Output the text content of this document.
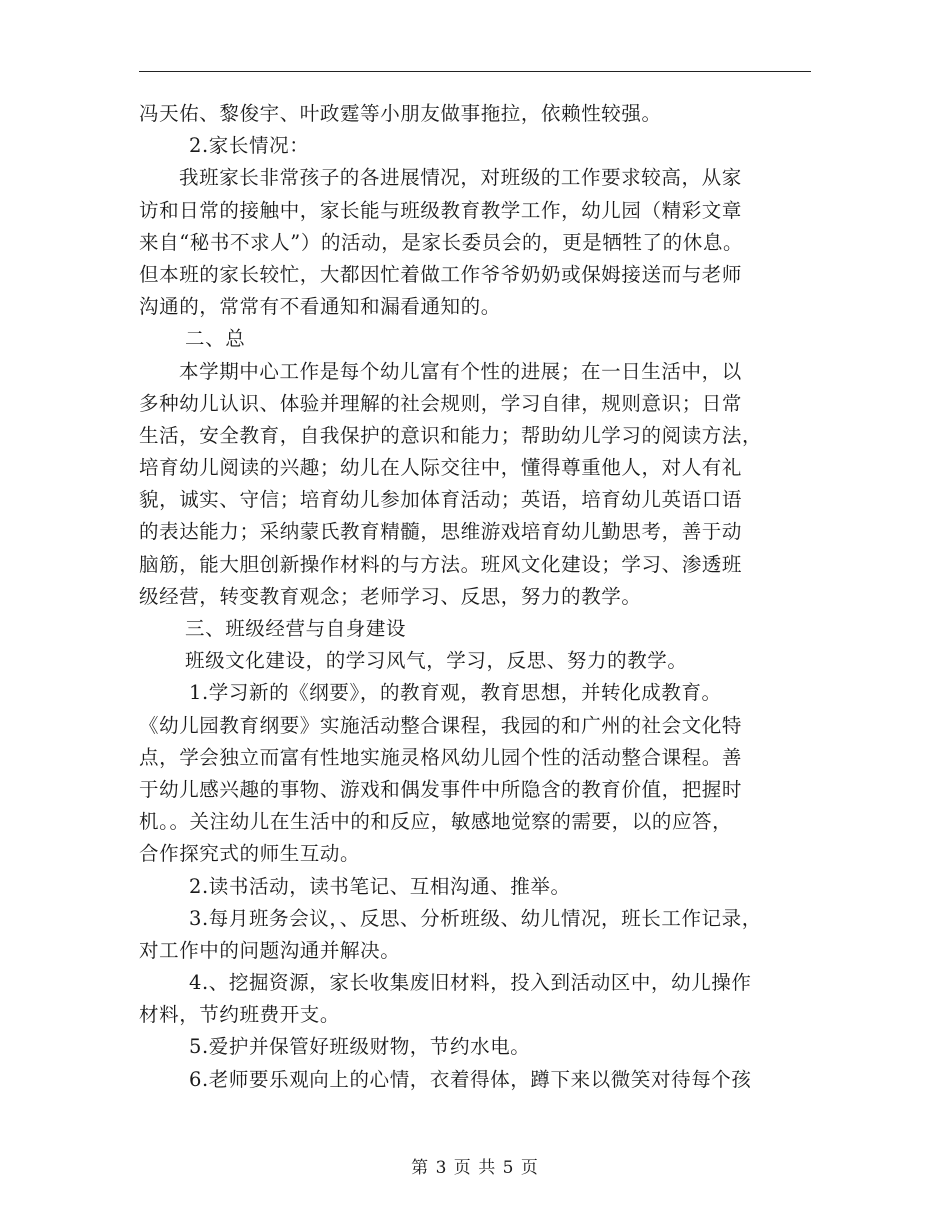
冯天佑、黎俊宇、叶政霆等小朋友做事拖拉，依赖性较强。
2.家长情况：
我班家长非常孩子的各进展情况，对班级的工作要求较高，从家
访和日常的接触中，家长能与班级教育教学工作，幼儿园（精彩文章
来自“秘书不求人”）的活动，是家长委员会的，更是牺牲了的休息。
但本班的家长较忙，大都因忙着做工作爷爷奶奶或保姆接送而与老师
沟通的，常常有不看通知和漏看通知的。
二、总
本学期中心工作是每个幼儿富有个性的进展；在一日生活中，以
多种幼儿认识、体验并理解的社会规则，学习自律，规则意识；日常
生活，安全教育，自我保护的意识和能力；帮助幼儿学习的阅读方法，
培育幼儿阅读的兴趣；幼儿在人际交往中，懂得尊重他人，对人有礼
貌，诚实、守信；培育幼儿参加体育活动；英语，培育幼儿英语口语
的表达能力；采纳蒙氏教育精髓，思维游戏培育幼儿勤思考，善于动
脑筋，能大胆创新操作材料的与方法。班风文化建设；学习、渗透班
级经营，转变教育观念；老师学习、反思，努力的教学。
三、班级经营与自身建设
班级文化建设，的学习风气，学习，反思、努力的教学。
1.学习新的《纲要》，的教育观，教育思想，并转化成教育。
《幼儿园教育纲要》实施活动整合课程，我园的和广州的社会文化特
点，学会独立而富有性地实施灵格风幼儿园个性的活动整合课程。善
于幼儿感兴趣的事物、游戏和偶发事件中所隐含的教育价值，把握时
机。。关注幼儿在生活中的和反应，敏感地觉察的需要，以的应答，
合作探究式的师生互动。
2.读书活动，读书笔记、互相沟通、推举。
3.每月班务会议，、反思、分析班级、幼儿情况，班长工作记录，
对工作中的问题沟通并解决。
4.、挖掘资源，家长收集废旧材料，投入到活动区中，幼儿操作
材料，节约班费开支。
5.爱护并保管好班级财物，节约水电。
6.老师要乐观向上的心情，衣着得体，蹲下来以微笑对待每个孩
第 3 页 共 5 页
